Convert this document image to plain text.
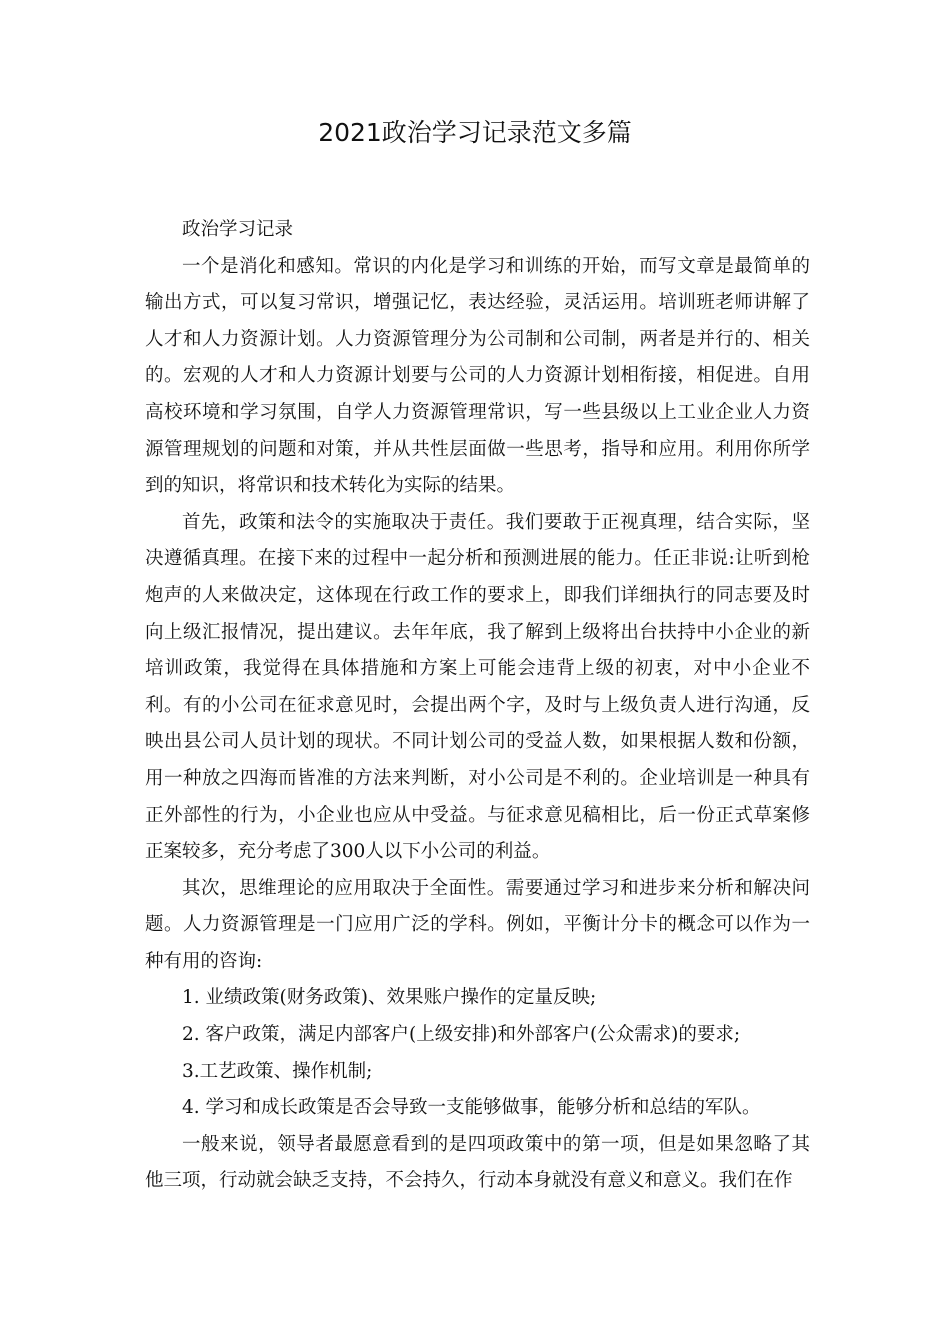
2021政治学习记录范文多篇

政治学习记录

一个是消化和感知。常识的内化是学习和训练的开始，而写文章是最简单的输出方式，可以复习常识，增强记忆，表达经验，灵活运用。培训班老师讲解了人才和人力资源计划。人力资源管理分为公司制和公司制，两者是并行的、相关的。宏观的人才和人力资源计划要与公司的人力资源计划相衔接，相促进。自用高校环境和学习氛围，自学人力资源管理常识，写一些县级以上工业企业人力资源管理规划的问题和对策，并从共性层面做一些思考，指导和应用。利用你所学到的知识，将常识和技术转化为实际的结果。

首先，政策和法令的实施取决于责任。我们要敢于正视真理，结合实际，坚决遵循真理。在接下来的过程中一起分析和预测进展的能力。任正非说:让听到枪炮声的人来做决定，这体现在行政工作的要求上，即我们详细执行的同志要及时向上级汇报情况，提出建议。去年年底，我了解到上级将出台扶持中小企业的新培训政策，我觉得在具体措施和方案上可能会违背上级的初衷，对中小企业不利。有的小公司在征求意见时，会提出两个字，及时与上级负责人进行沟通，反映出县公司人员计划的现状。不同计划公司的受益人数，如果根据人数和份额，用一种放之四海而皆准的方法来判断，对小公司是不利的。企业培训是一种具有正外部性的行为，小企业也应从中受益。与征求意见稿相比，后一份正式草案修正案较多，充分考虑了300人以下小公司的利益。

其次，思维理论的应用取决于全面性。需要通过学习和进步来分析和解决问题。人力资源管理是一门应用广泛的学科。例如，平衡计分卡的概念可以作为一种有用的咨询:

1. 业绩政策(财务政策)、效果账户操作的定量反映;

2. 客户政策，满足内部客户(上级安排)和外部客户(公众需求)的要求;

3.工艺政策、操作机制;

4. 学习和成长政策是否会导致一支能够做事，能够分析和总结的军队。

一般来说，领导者最愿意看到的是四项政策中的第一项，但是如果忽略了其他三项，行动就会缺乏支持，不会持久，行动本身就没有意义和意义。我们在作
